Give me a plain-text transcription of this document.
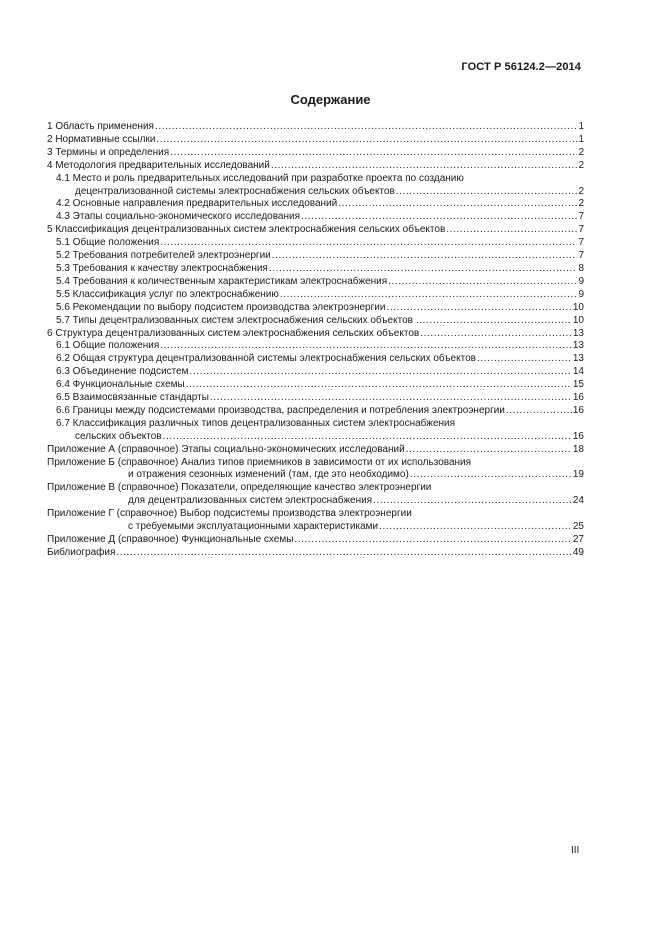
ГОСТ Р 56124.2—2014
Содержание
1 Область применения .....	1
2 Нормативные ссылки .....	1
3 Термины и определения .....	2
4 Методология предварительных исследований .....	2
4.1 Место и роль предварительных исследований при разработке проекта по созданию
децентрализованной системы электроснабжения сельских объектов .....	2
4.2 Основные направления предварительных исследований .....	2
4.3 Этапы социально-экономического исследования .....	7
5 Классификация децентрализованных систем электроснабжения сельских объектов .....	7
5.1 Общие положения .....	7
5.2 Требования потребителей электроэнергии .....	7
5.3 Требования к качеству электроснабжения .....	8
5.4 Требования к количественным характеристикам электроснабжения .....	9
5.5 Классификация услуг по электроснабжению .....	9
5.6 Рекомендации по выбору подсистем производства электроэнергии .....	10
5.7 Типы децентрализованных систем электроснабжения сельских объектов …. .....	10
6 Структура децентрализованных систем электроснабжения сельских объектов .....	13
6.1 Общие положения .....	13
6.2 Общая структура децентрализованной системы электроснабжения сельских объектов .....	13
6.3 Объединение подсистем .....	14
6.4 Функциональные схемы .....	15
6.5 Взаимосвязанные стандарты .....	16
6.6 Границы между подсистемами производства, распределения и потребления электроэнергии .....	16
6.7 Классификация различных типов децентрализованных систем электроснабжения
сельских объектов .....	16
Приложение А (справочное) Этапы социально-экономических исследований .....	18
Приложение Б (справочное) Анализ типов приемников в зависимости от их использования
и отражения сезонных изменений (там, где это необходимо) .....	19
Приложение В (справочное) Показатели, определяющие качество электроэнергии
для децентрализованных систем электроснабжения .....	24
Приложение Г (справочное) Выбор подсистемы производства электроэнергии
с требуемыми эксплуатационными характеристиками .....	25
Приложение Д (справочное) Функциональные схемы .....	27
Библиография .....	49
III
